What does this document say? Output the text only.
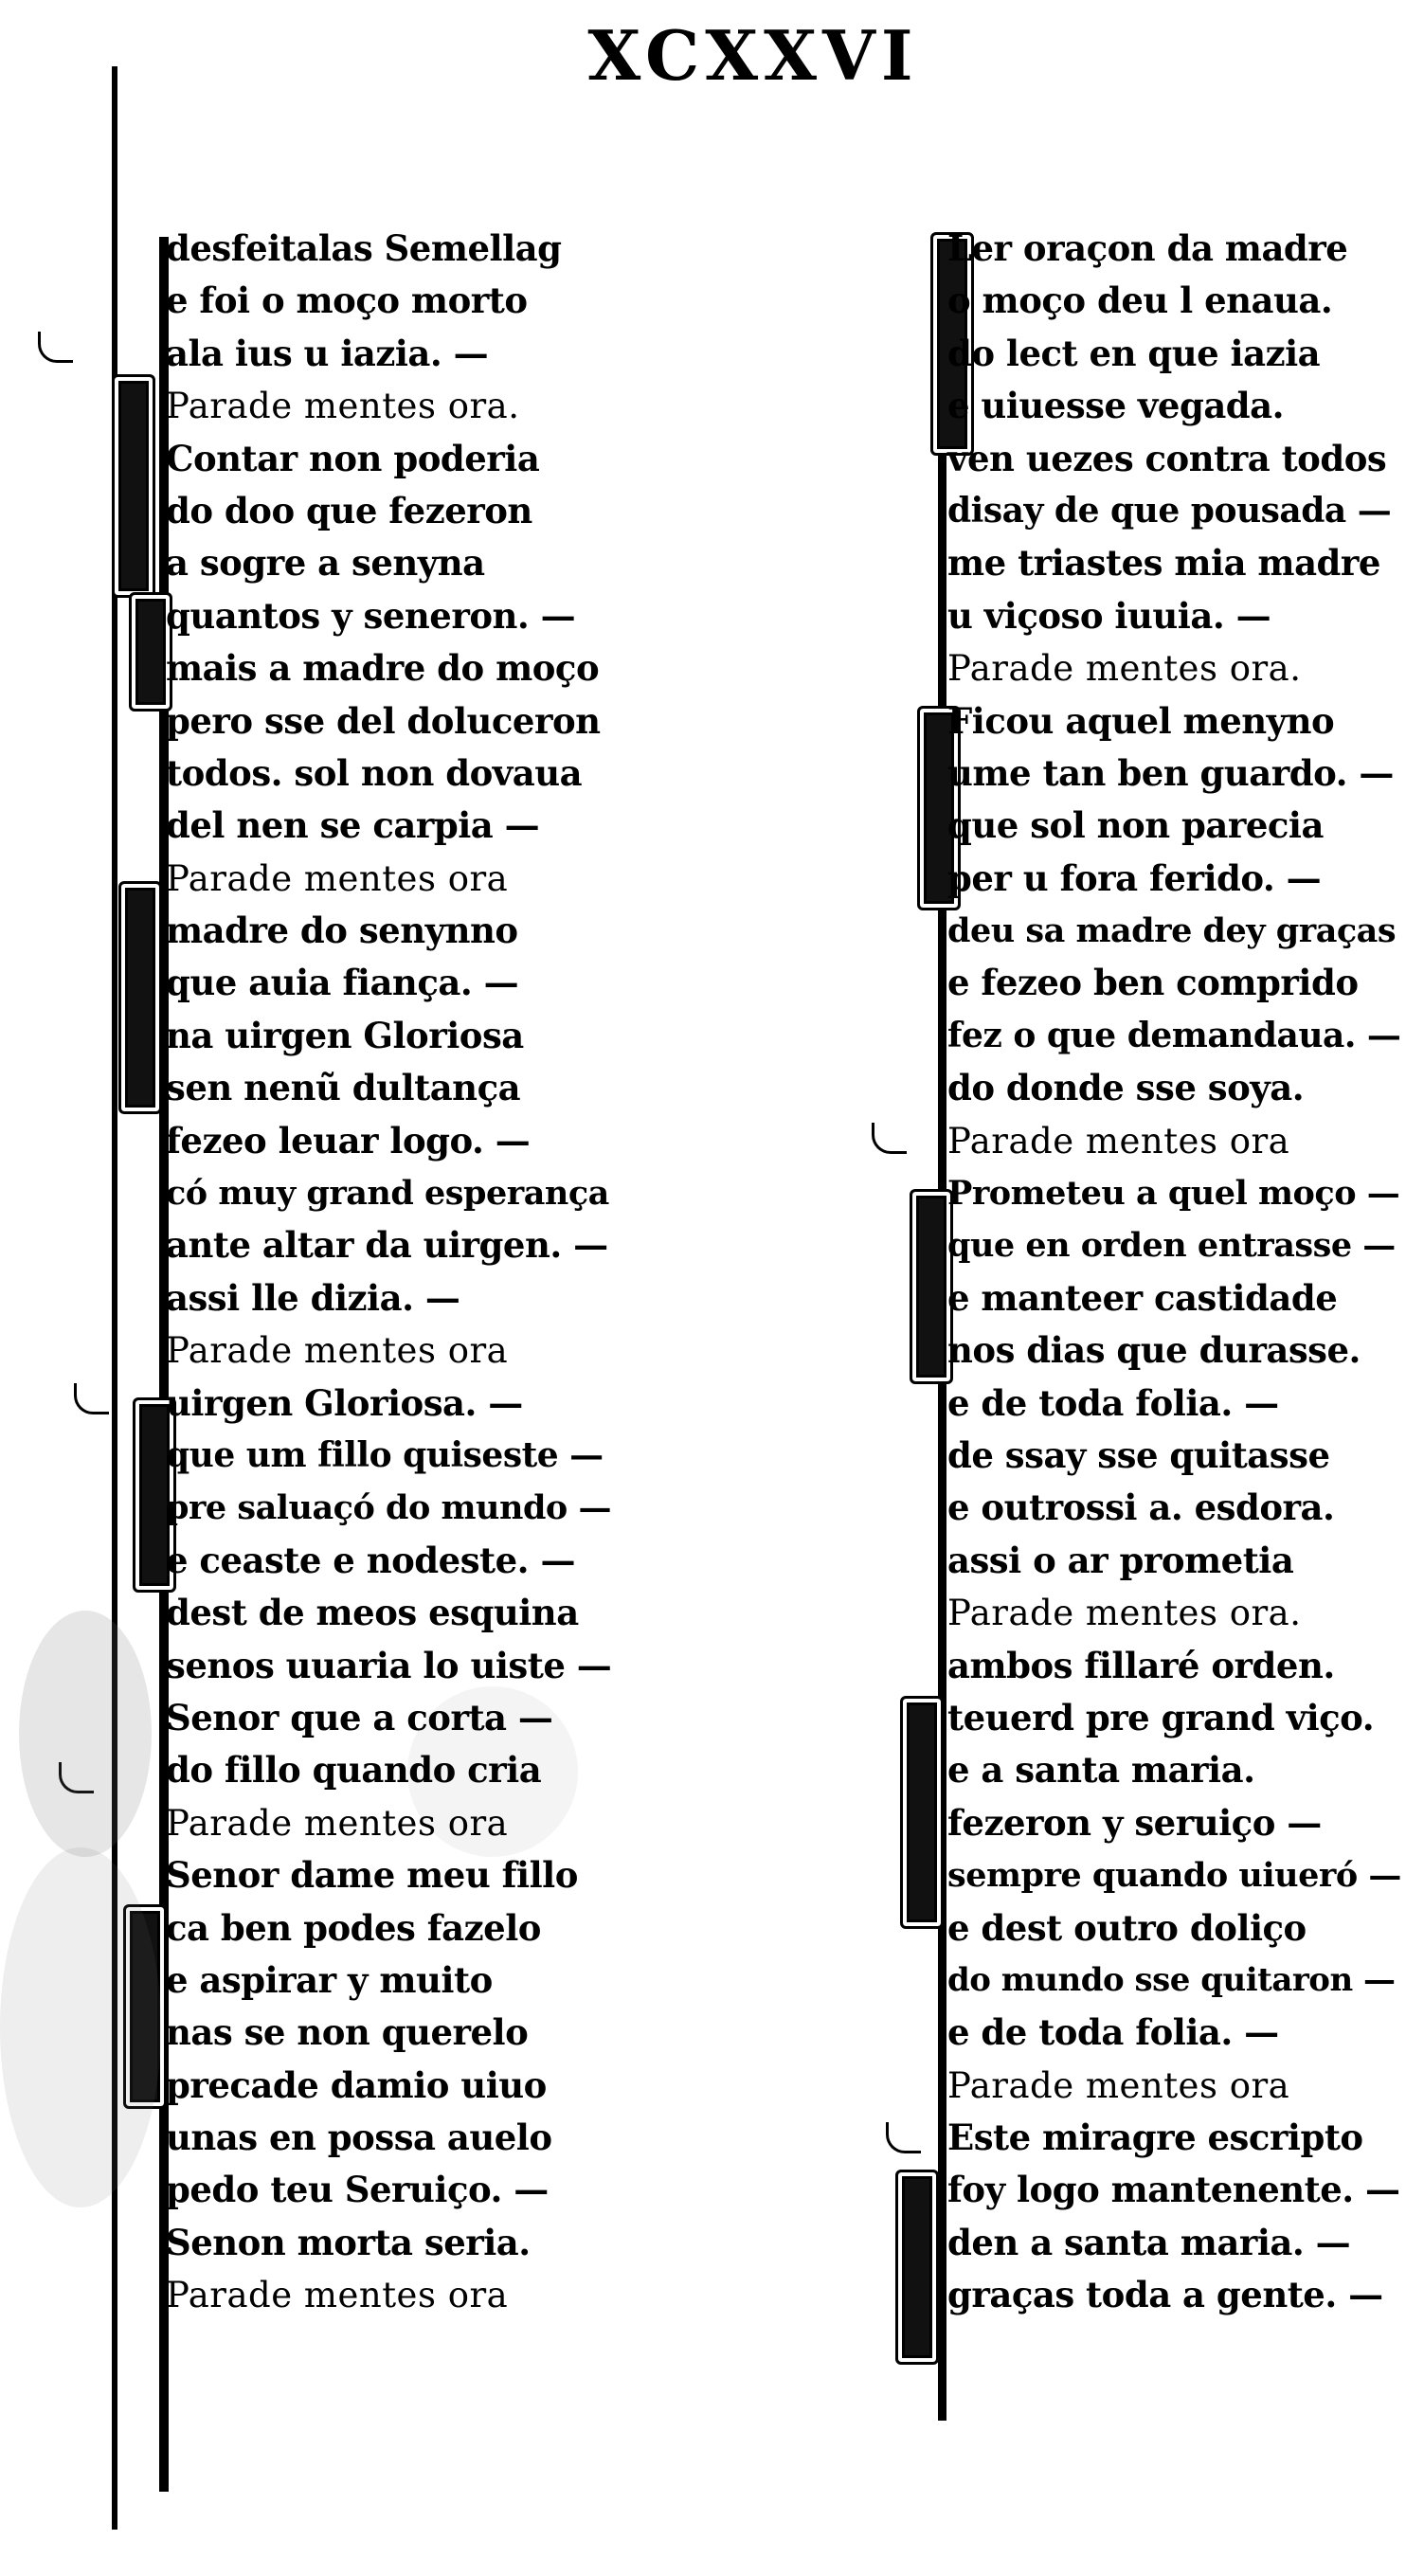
XCXXVI
desfeitalas Semellag
e foi o moço morto
ala ius u iazia. —
Parade mentes ora.
Contar non poderia
do doo que fezeron
a sogre a senyna
quantos y seneron. —
mais a madre do moço
pero sse del doluceron
todos. sol non dovaua
del nen se carpia —
Parade mentes ora
madre do senynno
que auia fiança. —
na uirgen Gloriosa
sen nenũ dultança
fezeo leuar logo. —
có muy grand esperança
ante altar da uirgen. —
assi lle dizia. —
Parade mentes ora
uirgen Gloriosa. —
que um fillo quiseste —
pre saluaçó do mundo —
e ceaste e nodeste. —
dest de meos esquina
senos uuaria lo uiste —
Senor que a corta —
do fillo quando cria
Parade mentes ora
Senor dame meu fillo
ca ben podes fazelo
e aspirar y muito
nas se non querelo
precade damio uiuo
unas en possa auelo
pedo teu Seruiço. —
Senon morta seria.
Parade mentes ora
Ler oraçon da madre
o moço deu l enaua.
do lect en que iazia
e uiuesse vegada.
ven uezes contra todos
disay de que pousada —
me triastes mia madre
u viçoso iuuia. —
Parade mentes ora.
Ficou aquel menyno
ume tan ben guardo. —
que sol non parecia
per u fora ferido. —
deu sa madre dey graças
e fezeo ben comprido
fez o que demandaua. —
do donde sse soya.
Parade mentes ora
Prometeu a quel moço —
que en orden entrasse —
e manteer castidade
nos dias que durasse.
e de toda folia. —
de ssay sse quitasse
e outrossi a. esdora.
assi o ar prometia
Parade mentes ora.
ambos fillaré orden.
teuerd pre grand viço.
e a santa maria.
fezeron y seruiço —
sempre quando uiueró —
e dest outro doliço
do mundo sse quitaron —
e de toda folia. —
Parade mentes ora
Este miragre escripto
foy logo mantenente. —
den a santa maria. —
graças toda a gente. —
